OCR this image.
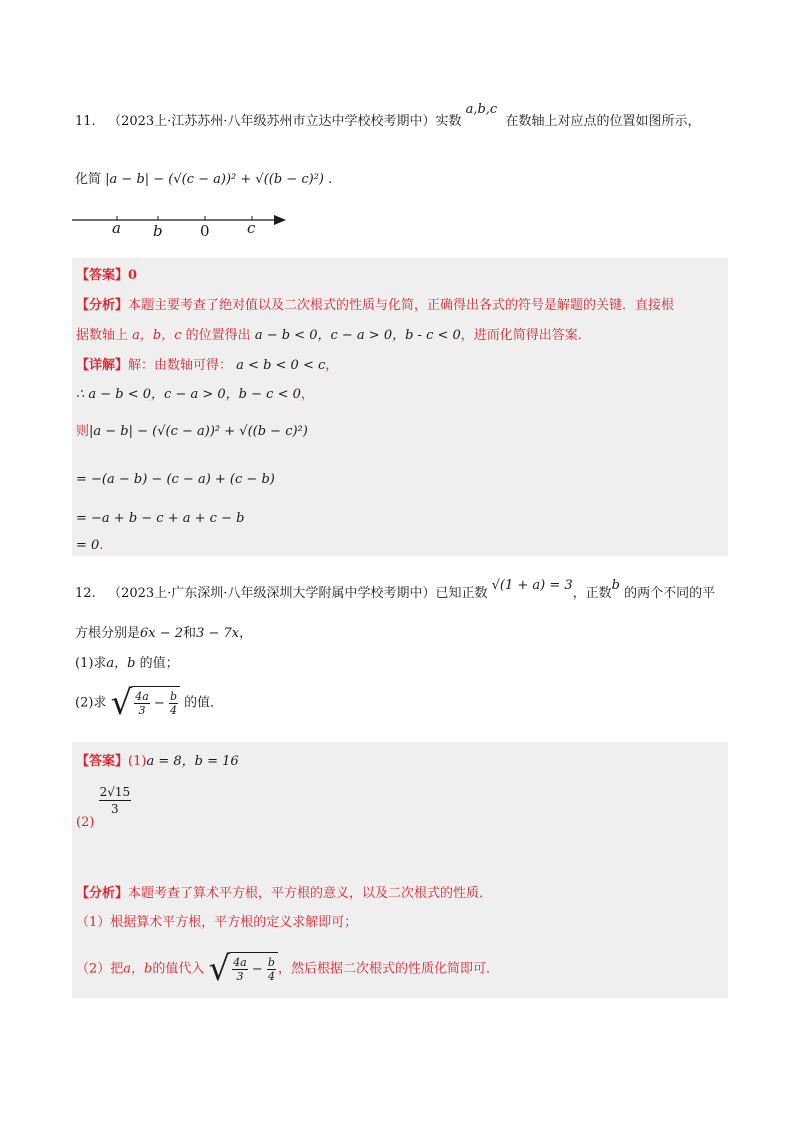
11. （2023上·江苏苏州·八年级苏州市立达中学校校考期中）实数 a,b,c  在数轴上对应点的位置如图所示，
化简 |a − b| − (√(c − a))² + √((b − c)²) .
a b 0 c
【答案】0
【分析】本题主要考查了绝对值以及二次根式的性质与化简，正确得出各式的符号是解题的关键．直接根
据数轴上 a，b，c 的位置得出 a − b < 0，c − a > 0，b - c < 0，进而化简得出答案．
【详解】解：由数轴可得： a < b < 0 < c，
∴ a − b < 0，c − a > 0，b − c < 0，
则|a − b| − (√(c − a))² + √((b − c)²)
= −(a − b) − (c − a) + (c − b)
= −a + b − c + a + c − b
= 0.
12. （2023上·广东深圳·八年级深圳大学附属中学校考期中）已知正数 √(1 + a) = 3，正数b 的两个不同的平
方根分别是6x − 2和3 − 7x，
(1)求a，b 的值；
(2)求 √ $\frac{4a}{3} - \frac{b}{4}$ 的值．
【答案】(1)a = 8，b = 16
(2)
$\frac{2√15}{3}$
【分析】本题考查了算术平方根，平方根的意义，以及二次根式的性质．
（1）根据算术平方根，平方根的定义求解即可；
（2）把a，b的值代入 √ $\frac{4a}{3} - \frac{b}{4}$ ，然后根据二次根式的性质化简即可．
